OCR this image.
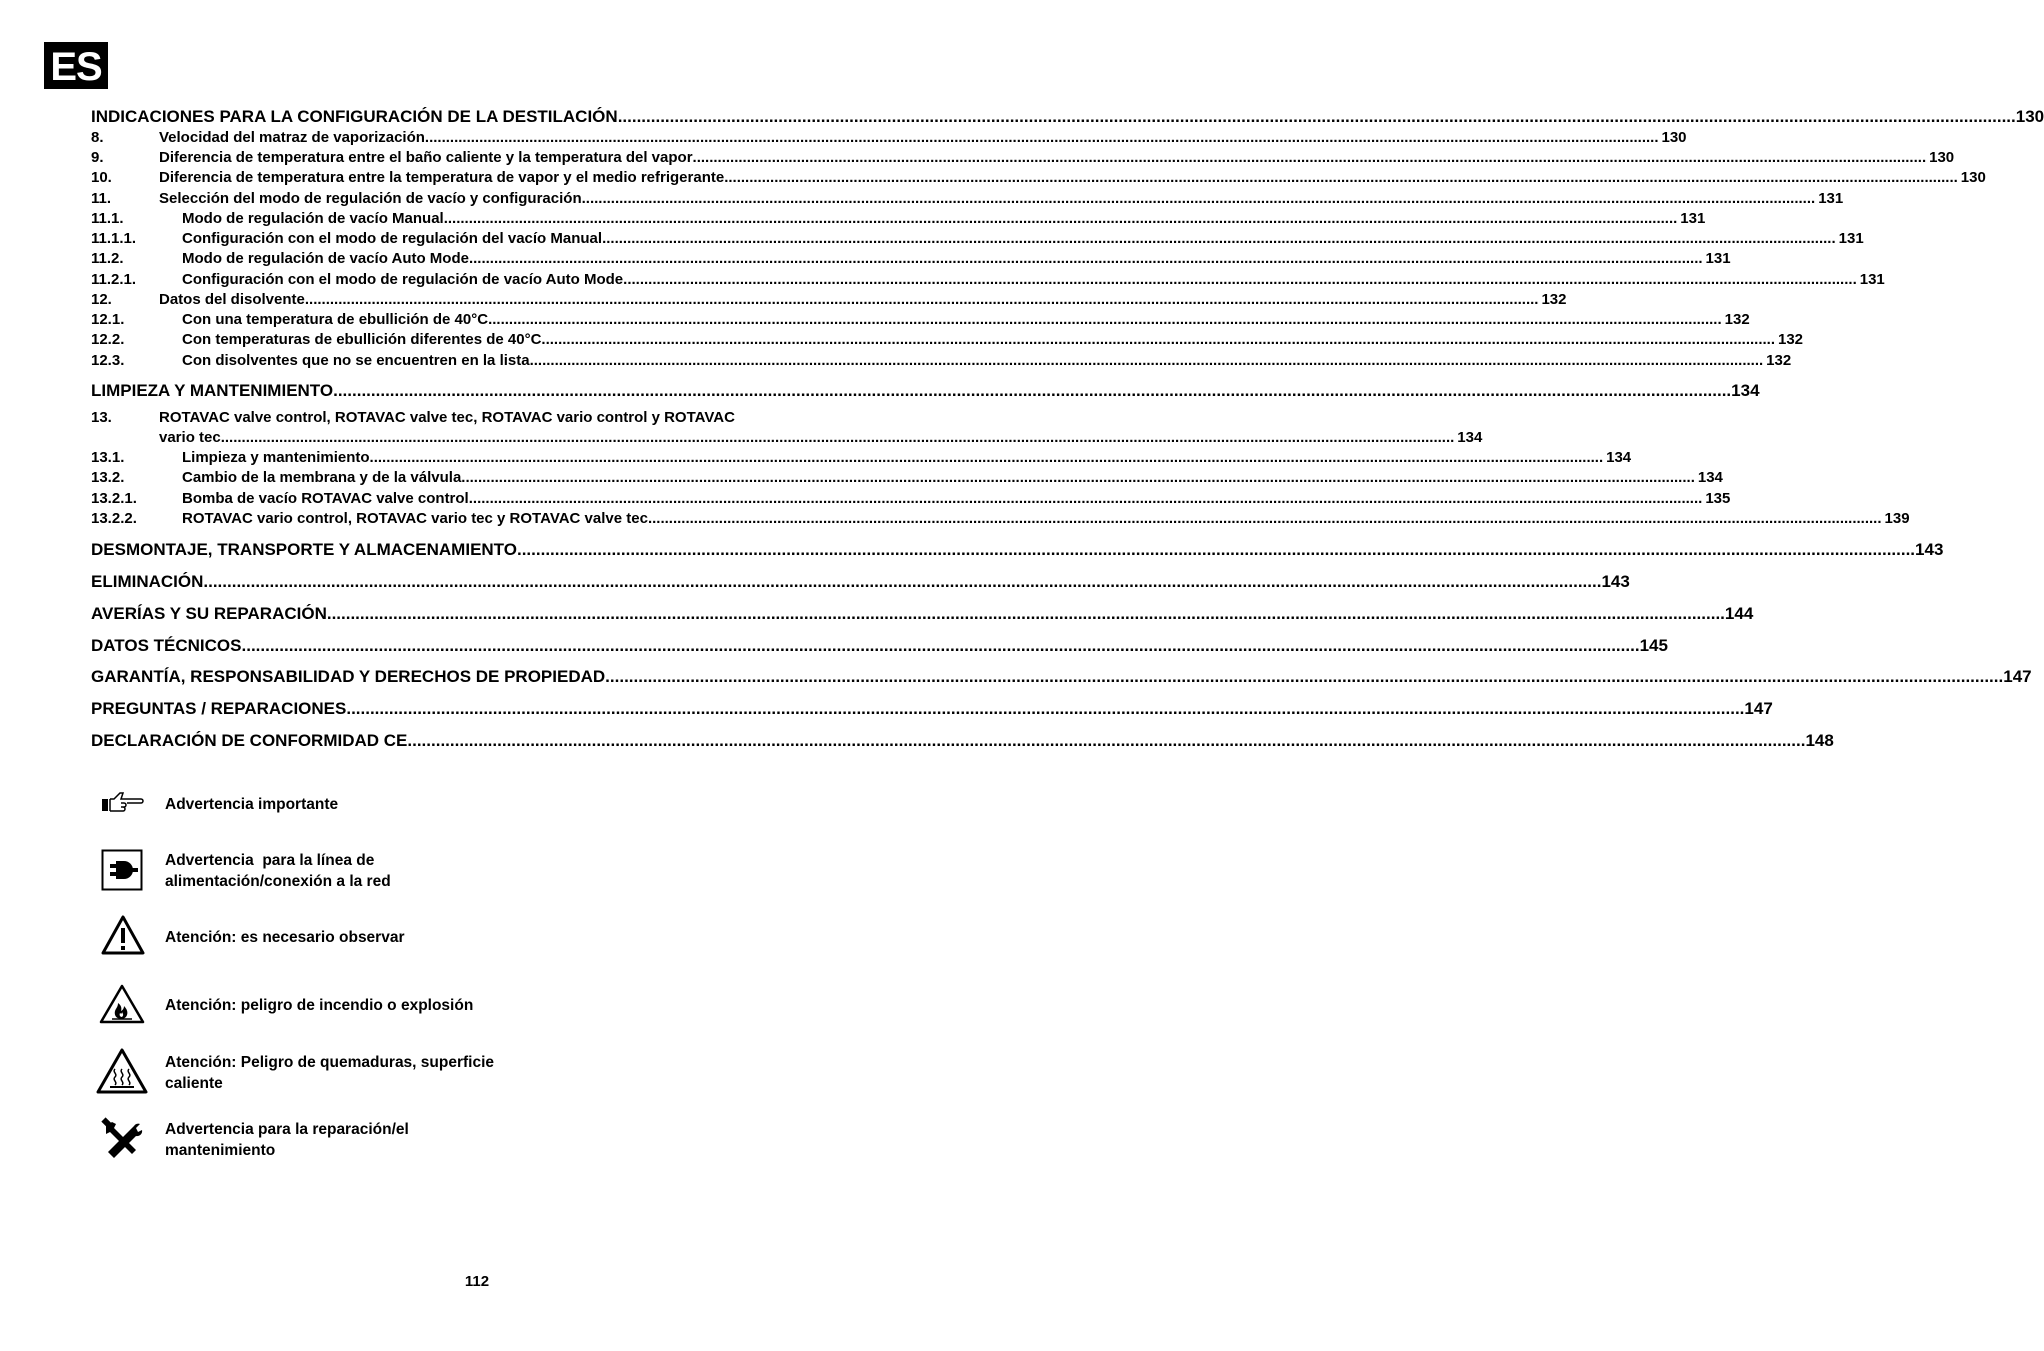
ES
INDICACIONES PARA LA CONFIGURACIÓN DE LA DESTILACIÓN .....	130
8.	Velocidad del matraz de vaporización .....	130
9.	Diferencia de temperatura entre el baño caliente y la temperatura del vapor .....	130
10.	Diferencia de temperatura entre la temperatura de vapor y el medio refrigerante .....	130
11.	Selección del modo de regulación de vacío y configuración .....	131
11.1.	Modo de regulación de vacío Manual .....	131
11.1.1.	Configuración con el modo de regulación del vacío Manual .....	131
11.2.	Modo de regulación de vacío Auto Mode .....	131
11.2.1.	Configuración con el modo de regulación de vacío Auto Mode .....	131
12.	Datos del disolvente .....	132
12.1.	Con una temperatura de ebullición de 40°C .....	132
12.2.	Con temperaturas de ebullición diferentes de 40°C .....	132
12.3.	Con disolventes que no se encuentren en la lista .....	132
LIMPIEZA Y MANTENIMIENTO .....	134
13.	ROTAVAC valve control, ROTAVAC valve tec, ROTAVAC vario control y ROTAVAC
vario tec .....	134
13.1.	Limpieza y mantenimiento .....	134
13.2.	Cambio de la membrana y de la válvula .....	134
13.2.1.	Bomba de vacío ROTAVAC valve control .....	135
13.2.2.	ROTAVAC vario control, ROTAVAC vario tec y ROTAVAC valve tec .....	139
DESMONTAJE, TRANSPORTE Y ALMACENAMIENTO .....	143
ELIMINACIÓN .....	143
AVERÍAS Y SU REPARACIÓN .....	144
DATOS TÉCNICOS .....	145
GARANTÍA, RESPONSABILIDAD Y DERECHOS DE PROPIEDAD .....	147
PREGUNTAS / REPARACIONES .....	147
DECLARACIÓN DE CONFORMIDAD CE .....	148
Advertencia importante
Advertencia  para la línea de
alimentación/conexión a la red
Atención: es necesario observar
Atención: peligro de incendio o explosión
Atención: Peligro de quemaduras, superficie
caliente
Advertencia para la reparación/el
mantenimiento
112
